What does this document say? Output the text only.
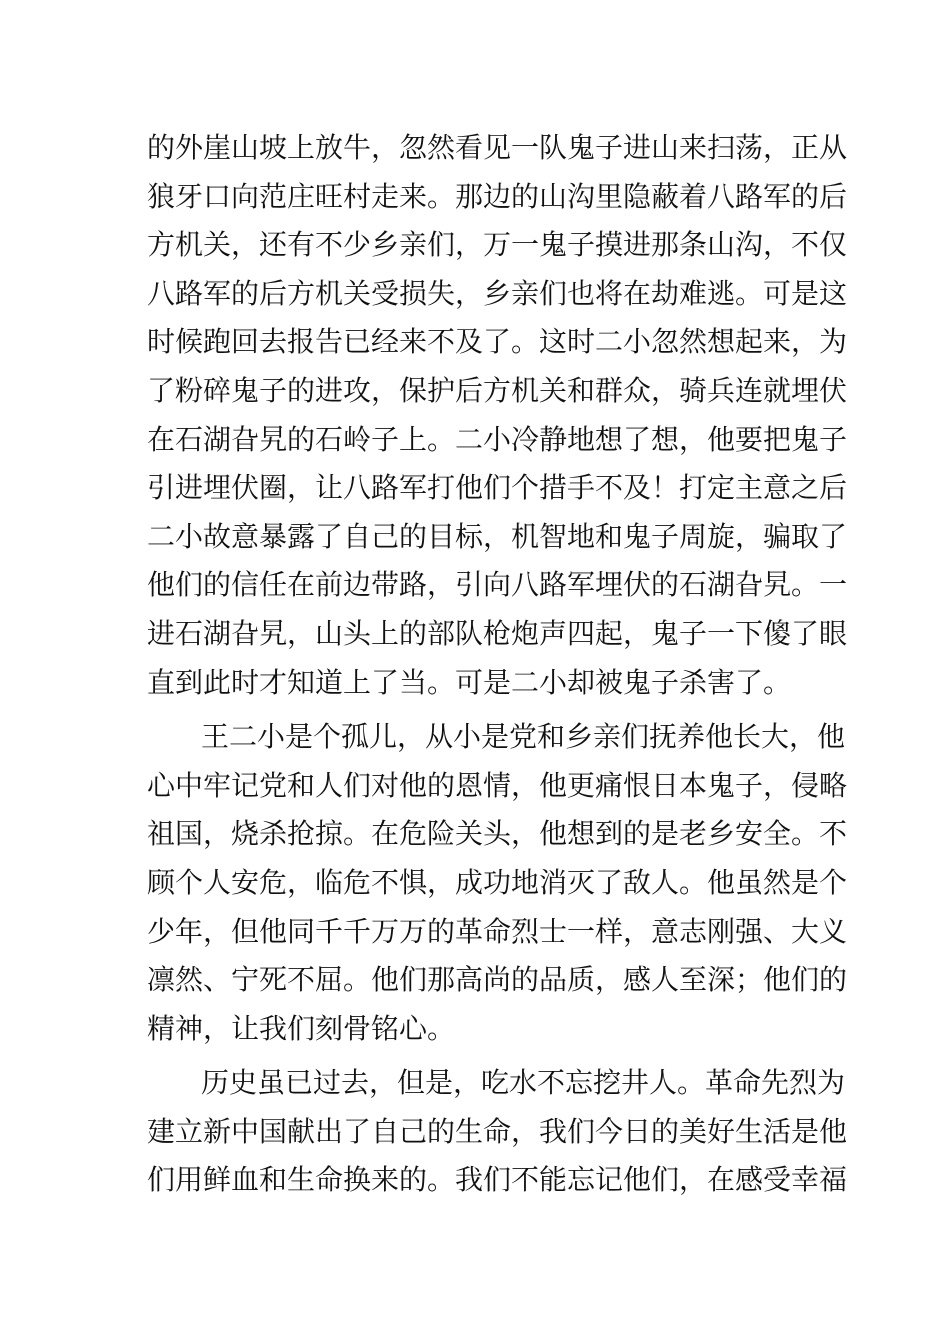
的外崖山坡上放牛，忽然看见一队鬼子进山来扫荡，正从
狼牙口向范庄旺村走来。那边的山沟里隐蔽着八路军的后
方机关，还有不少乡亲们，万一鬼子摸进那条山沟，不仅
八路军的后方机关受损失，乡亲们也将在劫难逃。可是这
时候跑回去报告已经来不及了。这时二小忽然想起来，为
了粉碎鬼子的进攻，保护后方机关和群众，骑兵连就埋伏
在石湖旮旯的石岭子上。二小冷静地想了想，他要把鬼子
引进埋伏圈，让八路军打他们个措手不及！打定主意之后
二小故意暴露了自己的目标，机智地和鬼子周旋，骗取了
他们的信任在前边带路，引向八路军埋伏的石湖旮旯。一
进石湖旮旯，山头上的部队枪炮声四起，鬼子一下傻了眼
直到此时才知道上了当。可是二小却被鬼子杀害了。
王二小是个孤儿，从小是党和乡亲们抚养他长大，他
心中牢记党和人们对他的恩情，他更痛恨日本鬼子，侵略
祖国，烧杀抢掠。在危险关头，他想到的是老乡安全。不
顾个人安危，临危不惧，成功地消灭了敌人。他虽然是个
少年，但他同千千万万的革命烈士一样，意志刚强、大义
凛然、宁死不屈。他们那高尚的品质，感人至深；他们的
精神，让我们刻骨铭心。
历史虽已过去，但是，吃水不忘挖井人。革命先烈为
建立新中国献出了自己的生命，我们今日的美好生活是他
们用鲜血和生命换来的。我们不能忘记他们，在感受幸福
